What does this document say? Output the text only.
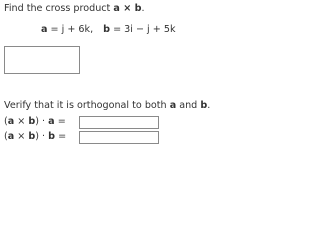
Find the cross product a × b.
a = j + 6k, b = 3i − j + 5k
Verify that it is orthogonal to both a and b.
(a × b) · a =
(a × b) · b =
